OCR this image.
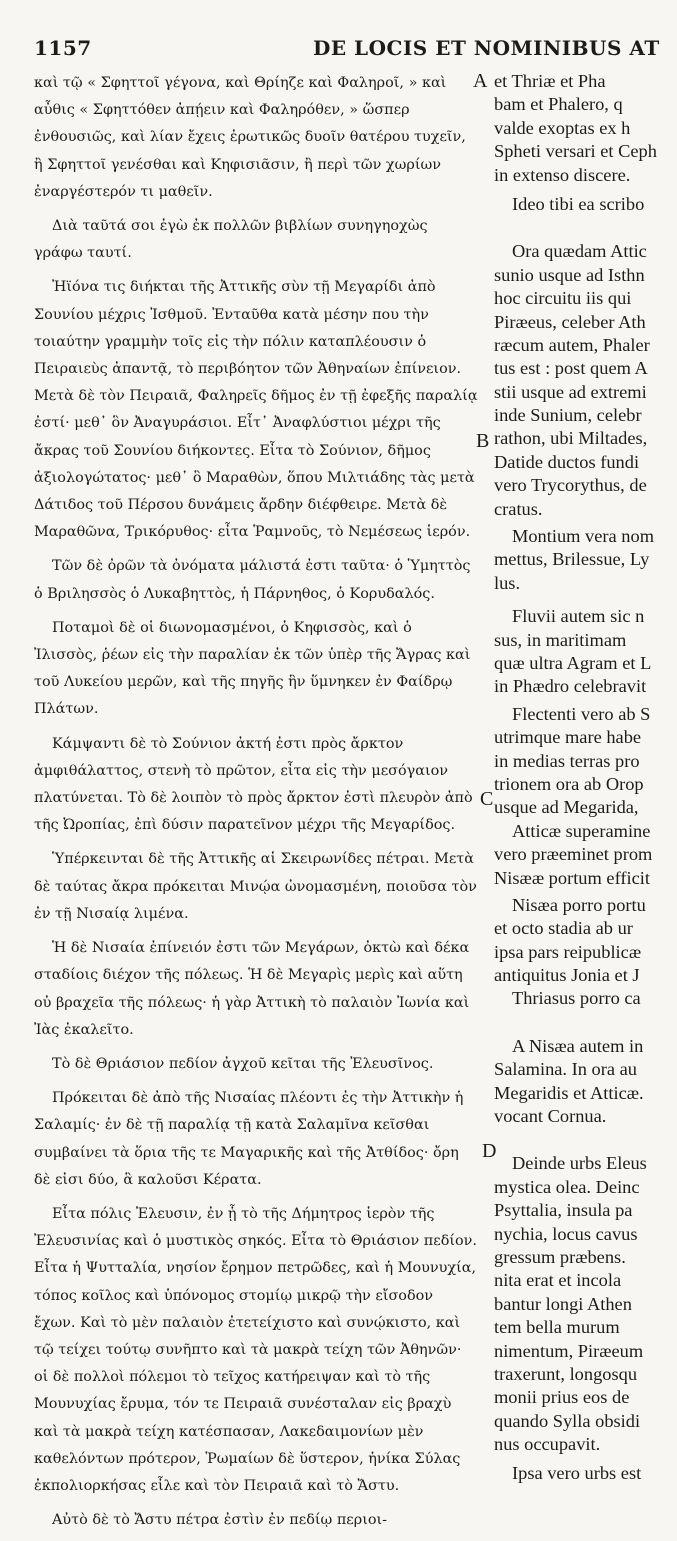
1157	DE LOCIS ET NOMINIBUS AT

καὶ τῷ « Σφηττοῖ γέγονα, καὶ Θρίηζε καὶ Φαληροῖ, » καὶ αὖθις « Σφηττόθεν ἀπῄειν καὶ Φαληρόθεν, » ὥσπερ ἐνθουσιῶς, καὶ λίαν ἔχεις ἐρωτικῶς δυοῖν θατέρου τυχεῖν, ἢ Σφηττοῖ γενέσθαι καὶ Κηφισιᾶσιν, ἢ περὶ τῶν χωρίων ἐναργέστερόν τι μαθεῖν.

Διὰ ταῦτά σοι ἐγὼ ἐκ πολλῶν βιβλίων συνηγηοχὼς γράφω ταυτί.

Ἠϊόνα τις διήκται τῆς Ἀττικῆς σὺν τῇ Μεγαρίδι ἀπὸ Σουνίου μέχρις Ἰσθμοῦ. Ἐνταῦθα κατὰ μέσην που τὴν τοιαύτην γραμμὴν τοῖς εἰς τὴν πόλιν καταπλέουσιν ὁ Πειραιεὺς ἀπαντᾷ, τὸ περιβόητον τῶν Ἀθηναίων ἐπίνειον. Μετὰ δὲ τὸν Πειραιᾶ, Φαληρεῖς δῆμος ἐν τῇ ἐφεξῆς παραλίᾳ ἐστί· μεθ᾿ ὃν Ἀναγυράσιοι. Εἶτ᾿ Ἀναφλύστιοι μέχρι τῆς ἄκρας τοῦ Σουνίου διήκοντες. Εἶτα τὸ Σούνιον, δῆμος ἀξιολογώτατος· μεθ᾿ ὃ Μαραθὼν, ὅπου Μιλτιάδης τὰς μετὰ Δάτιδος τοῦ Πέρσου δυνάμεις ἄρδην διέφθειρε. Μετὰ δὲ Μαραθῶνα, Τρικόρυθος· εἶτα Ῥαμνοῦς, τὸ Νεμέσεως ἱερόν.

Τῶν δὲ ὀρῶν τὰ ὀνόματα μάλιστά ἐστι ταῦτα· ὁ Ὑμηττὸς ὁ Βριλησσὸς ὁ Λυκαβηττὸς, ἡ Πάρνηθος, ὁ Κορυδαλός.

Ποταμοὶ δὲ οἱ διωνομασμένοι, ὁ Κηφισσὸς, καὶ ὁ Ἰλισσὸς, ῥέων εἰς τὴν παραλίαν ἐκ τῶν ὑπὲρ τῆς Ἄγρας καὶ τοῦ Λυκείου μερῶν, καὶ τῆς πηγῆς ἣν ὕμνηκεν ἐν Φαίδρῳ Πλάτων.

Κάμψαντι δὲ τὸ Σούνιον ἀκτή ἐστι πρὸς ἄρκτον ἀμφιθάλαττος, στενὴ τὸ πρῶτον, εἶτα εἰς τὴν μεσόγαιον πλατύνεται. Τὸ δὲ λοιπὸν τὸ πρὸς ἄρκτον ἐστὶ πλευρὸν ἀπὸ τῆς Ὠροπίας, ἐπὶ δύσιν παρατεῖνον μέχρι τῆς Μεγαρίδος.

Ὑπέρκεινται δὲ τῆς Ἀττικῆς αἱ Σκειρωνίδες πέτραι. Μετὰ δὲ ταύτας ἄκρα πρόκειται Μινῴα ὠνομασμένη, ποιοῦσα τὸν ἐν τῇ Νισαίᾳ λιμένα.

Ἡ δὲ Νισαία ἐπίνειόν ἐστι τῶν Μεγάρων, ὀκτὼ καὶ δέκα σταδίοις διέχον τῆς πόλεως. Ἡ δὲ Μεγαρὶς μερὶς καὶ αὕτη οὐ βραχεῖα τῆς πόλεως· ἡ γὰρ Ἀττικὴ τὸ παλαιὸν Ἰωνία καὶ Ἰὰς ἐκαλεῖτο.

Τὸ δὲ Θριάσιον πεδίον ἀγχοῦ κεῖται τῆς Ἐλευσῖνος.

Πρόκειται δὲ ἀπὸ τῆς Νισαίας πλέοντι ἐς τὴν Ἀττικὴν ἡ Σαλαμίς· ἐν δὲ τῇ παραλίᾳ τῇ κατὰ Σαλαμῖνα κεῖσθαι συμβαίνει τὰ ὅρια τῆς τε Μαγαρικῆς καὶ τῆς Ἀτθίδος· ὄρη δὲ εἰσι δύο, ἃ καλοῦσι Κέρατα.

Εἶτα πόλις Ἐλευσιν, ἐν ᾗ τὸ τῆς Δήμητρος ἱερὸν τῆς Ἐλευσινίας καὶ ὁ μυστικὸς σηκός. Εἶτα τὸ Θριάσιον πεδίον. Εἶτα ἡ Ψυτταλία, νησίον ἔρημον πετρῶδες, καὶ ἡ Μουνυχία, τόπος κοῖλος καὶ ὑπόνομος στομίῳ μικρῷ τὴν εἴσοδον ἔχων. Καὶ τὸ μὲν παλαιὸν ἐτετείχιστο καὶ συνῴκιστο, καὶ τῷ τείχει τούτῳ συνῆπτο καὶ τὰ μακρὰ τείχη τῶν Ἀθηνῶν· οἱ δὲ πολλοὶ πόλεμοι τὸ τεῖχος κατήρειψαν καὶ τὸ τῆς Μουνυχίας ἔρυμα, τόν τε Πειραιᾶ συνέσταλαν εἰς βραχὺ καὶ τὰ μακρὰ τείχη κατέσπασαν, Λακεδαιμονίων μὲν καθελόντων πρότερον, Ῥωμαίων δὲ ὕστερον, ἡνίκα Σύλας ἐκπολιορκήσας εἷλε καὶ τὸν Πειραιᾶ καὶ τὸ Ἄστυ.

Αὐτὸ δὲ τὸ Ἄστυ πέτρα ἐστὶν ἐν πεδίῳ περιοι-

A
B
C
D
et Thriæ et Pha
bam et Phalero, q
valde exoptas ex h
Spheti versari et Ceph
in extenso discere.
Ideo tibi ea scribo
Ora quædam Attic
sunio usque ad Isthn
hoc circuitu iis qui
Piræeus, celeber Ath
ræcum autem, Phaler
tus est : post quem A
stii usque ad extremi
inde Sunium, celebr
rathon, ubi Miltades,
Datide ductos fundi
vero Trycorythus, de
cratus.
Montium vera nom
mettus, Brilessue, Ly
lus.
Fluvii autem sic n
sus, in maritimam
quæ ultra Agram et L
in Phædro celebravit
Flectenti vero ab S
utrimque mare habe
in medias terras pro
trionem ora ab Orop
usque ad Megarida,
Atticæ superamine
vero præeminet prom
Nisææ portum efficit
Nisæa porro portu
et octo stadia ab ur
ipsa pars reipublicæ
antiquitus Jonia et J
Thriasus porro ca
A Nisæa autem in
Salamina. In ora au
Megaridis et Atticæ.
vocant Cornua.
Deinde urbs Eleus
mystica olea. Deinc
Psyttalia, insula pa
nychia, locus cavus
gressum præbens.
nita erat et incola
bantur longi Athen
tem bella murum
nimentum, Piræeum
traxerunt, longosqu
monii prius eos de
quando Sylla obsidi
nus occupavit.
Ipsa vero urbs est
